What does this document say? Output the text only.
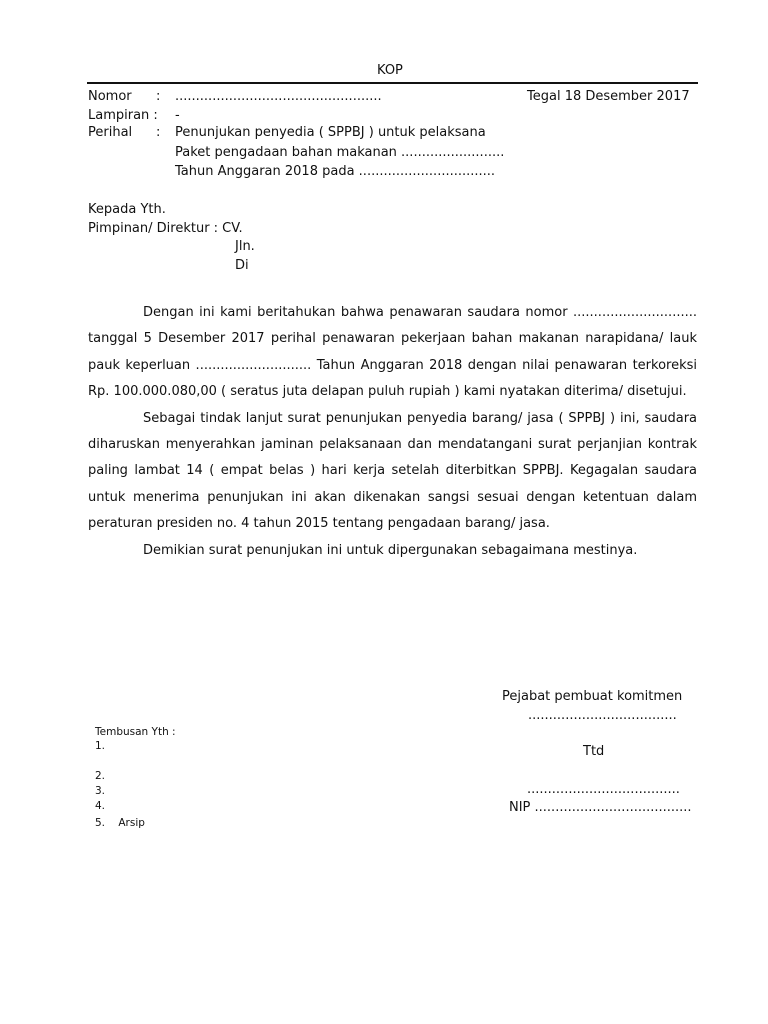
KOP
Nomor : ..................................................	Tegal 18 Desember 2017
Lampiran : -
Perihal : Penunjukan penyedia ( SPPBJ ) untuk pelaksana
Paket pengadaan bahan makanan .........................
Tahun Anggaran 2018 pada .................................
Kepada Yth.
Pimpinan/ Direktur : CV.
Jln.
Di

Dengan ini kami beritahukan bahwa penawaran saudara nomor .............................. tanggal 5 Desember 2017 perihal penawaran pekerjaan bahan makanan narapidana/ lauk pauk keperluan ............................ Tahun Anggaran 2018 dengan nilai penawaran terkoreksi Rp. 100.000.080,00 ( seratus juta delapan puluh rupiah ) kami nyatakan diterima/ disetujui.

Sebagai tindak lanjut surat penunjukan penyedia barang/ jasa ( SPPBJ ) ini, saudara diharuskan menyerahkan jaminan pelaksanaan dan mendatangani surat perjanjian kontrak paling lambat 14 ( empat belas ) hari kerja setelah diterbitkan SPPBJ. Kegagalan saudara untuk menerima penunjukan ini akan dikenakan sangsi sesuai dengan ketentuan dalam peraturan presiden no. 4 tahun 2015 tentang pengadaan barang/ jasa.

Demikian surat penunjukan ini untuk dipergunakan sebagaimana mestinya.

Pejabat pembuat komitmen
....................................
Ttd
.....................................
NIP ......................................
Tembusan Yth :
1.
2.
3.
4.
5.    Arsip
